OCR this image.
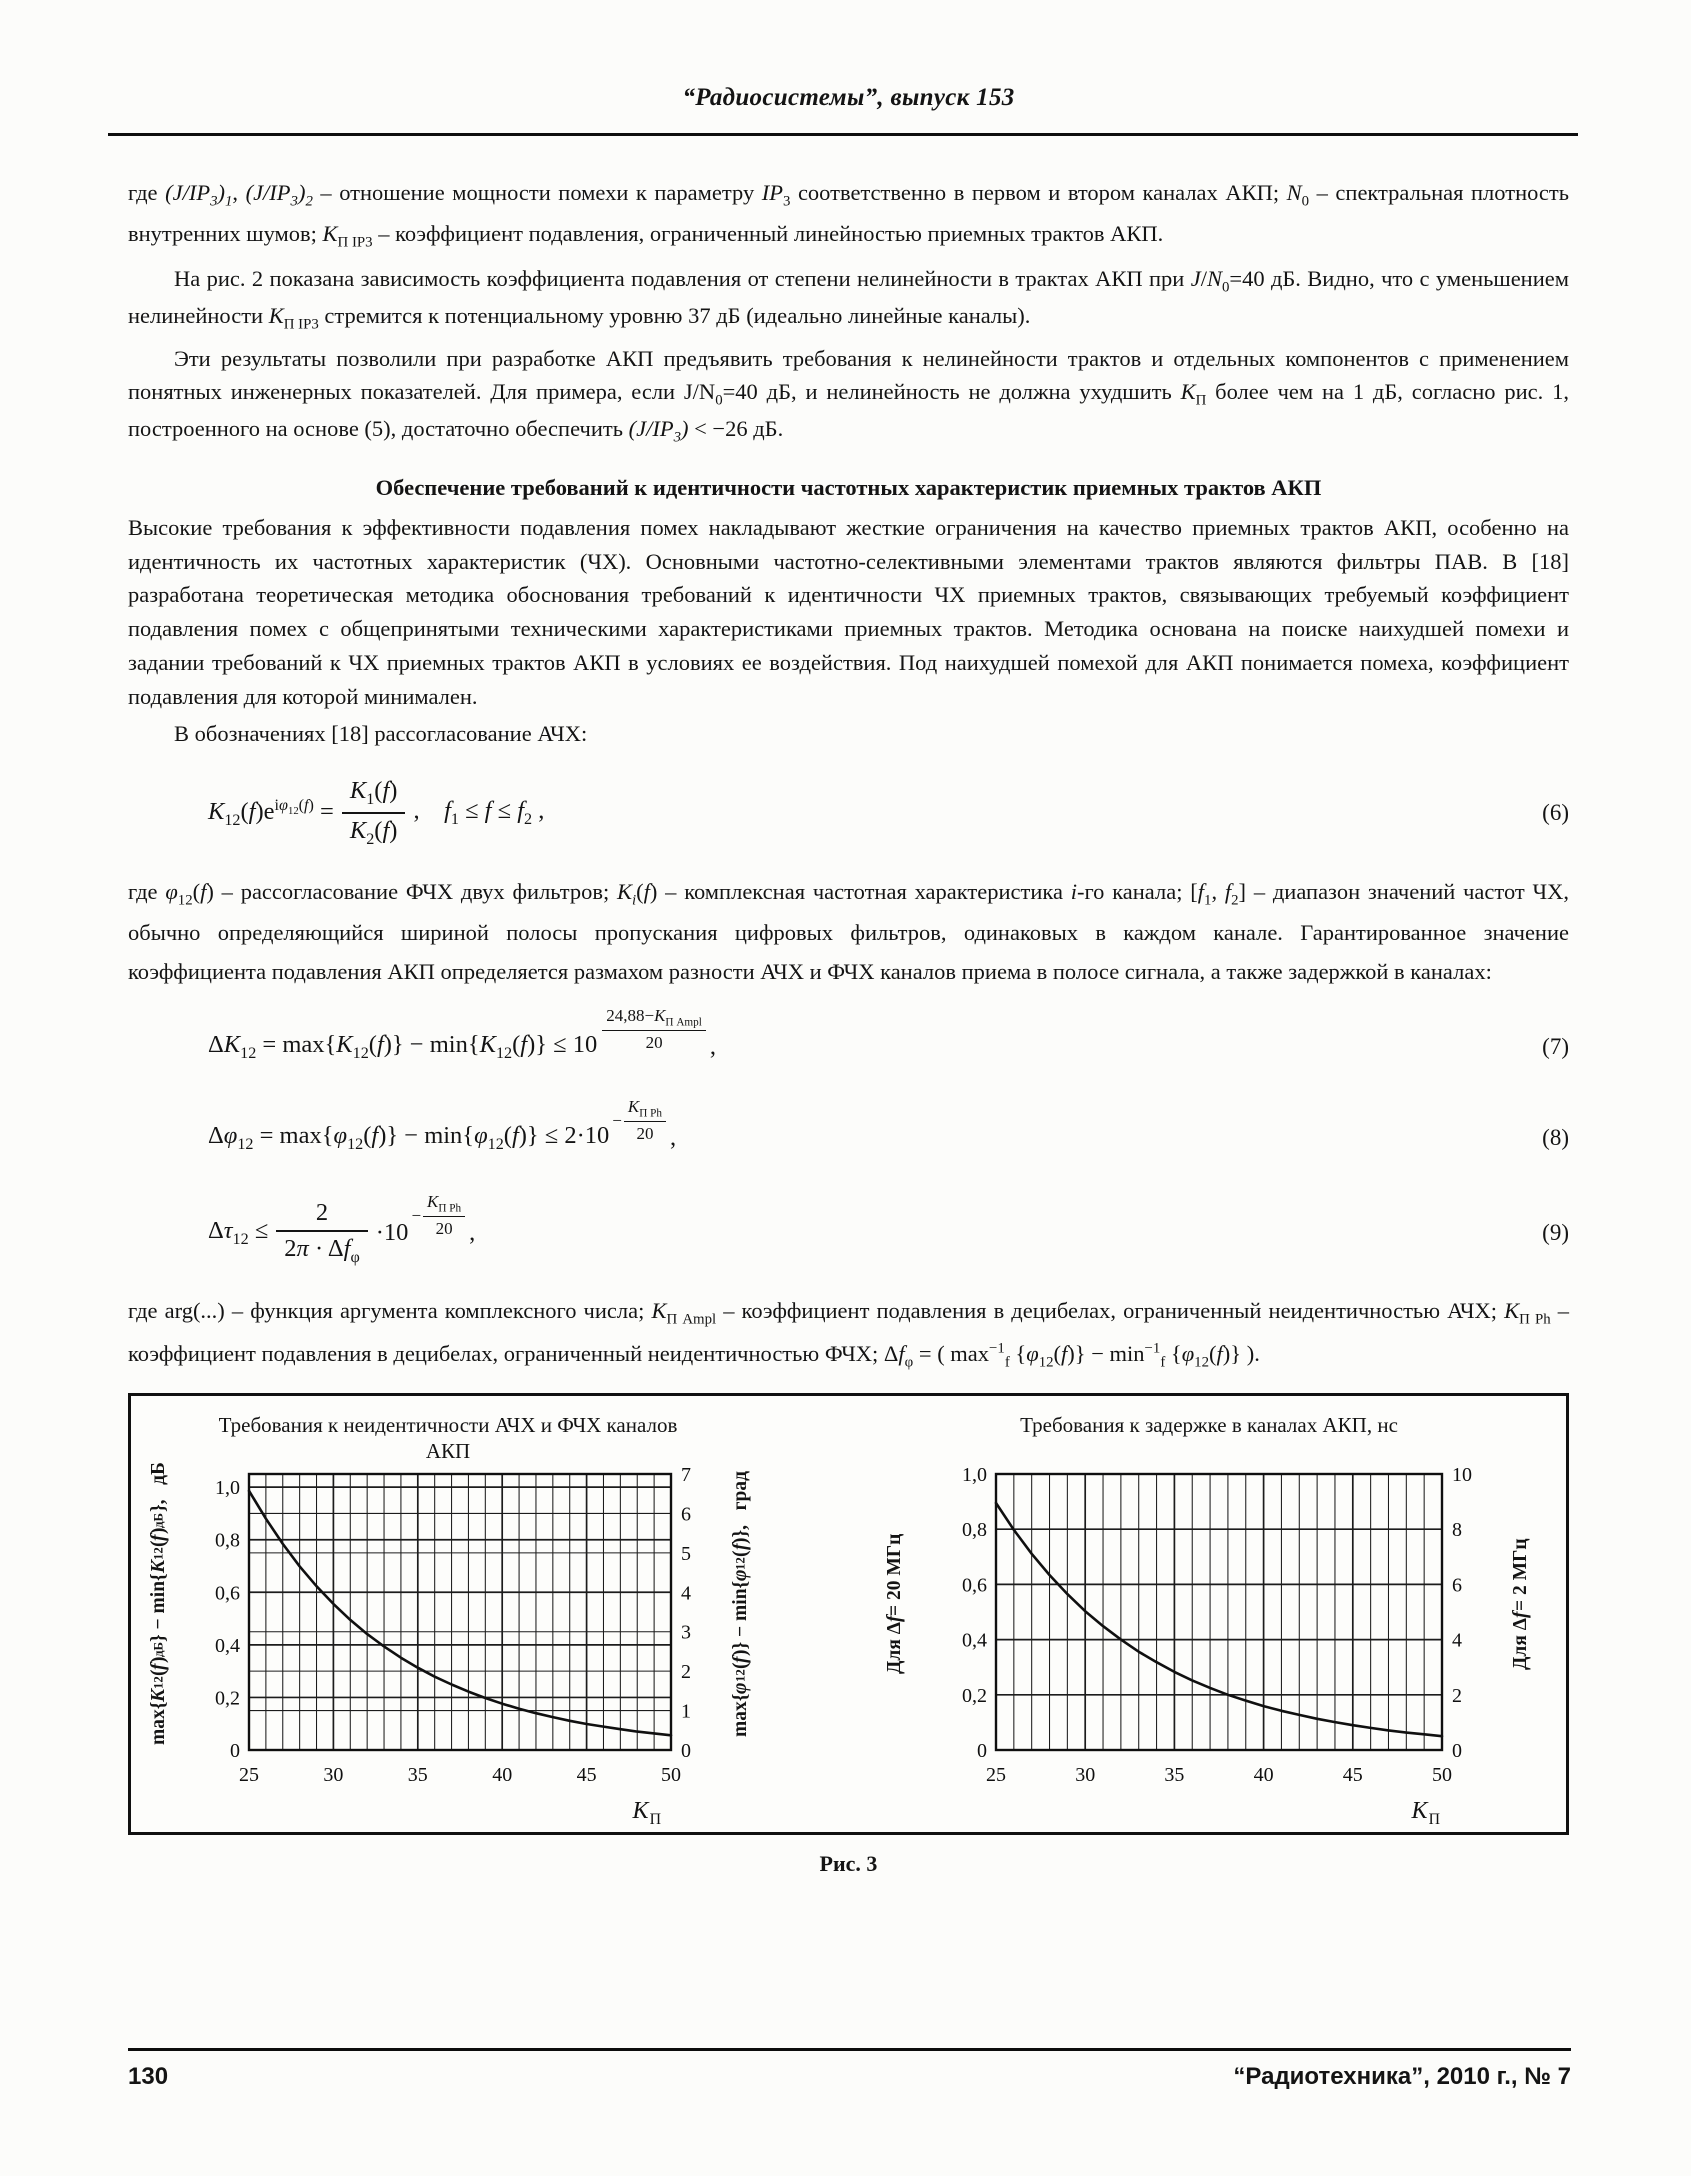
“Радиосистемы”, выпуск 153

где $(J/IP_3)_1$, $(J/IP_3)_2$ – отношение мощности помехи к параметру $IP_3$ соответственно в первом и втором каналах АКП; $N_0$ – спектральная плотность внутренних шумов; $K_{П IP3}$ – коэффициент подавления, ограниченный линейностью приемных трактов АКП.

На рис. 2 показана зависимость коэффициента подавления от степени нелинейности в трактах АКП при $J/N_0=40$ дБ. Видно, что с уменьшением нелинейности $K_{П IP3}$ стремится к потенциальному уровню 37 дБ (идеально линейные каналы).

Эти результаты позволили при разработке АКП предъявить требования к нелинейности трактов и отдельных компонентов с применением понятных инженерных показателей. Для примера, если $J/N_0=40$ дБ, и нелинейность не должна ухудшить $K_П$ более чем на 1 дБ, согласно рис. 1, построенного на основе (5), достаточно обеспечить $(J/IP_3) < -26$ дБ.

Обеспечение требований к идентичности частотных характеристик приемных трактов АКП

Высокие требования к эффективности подавления помех накладывают жесткие ограничения на качество приемных трактов АКП, особенно на идентичность их частотных характеристик (ЧХ). Основными частотно-селективными элементами трактов являются фильтры ПАВ. В [18] разработана теоретическая методика обоснования требований к идентичности ЧХ приемных трактов, связывающих требуемый коэффициент подавления помех с общепринятыми техническими характеристиками приемных трактов. Методика основана на поиске наихудшей помехи и задании требований к ЧХ приемных трактов АКП в условиях ее воздействия. Под наихудшей помехой для АКП понимается помеха, коэффициент подавления для которой минимален.

В обозначениях [18] рассогласование АЧХ:

$K_{12}(f)e^{i\varphi_{12}(f)} = \frac{K_1(f)}{K_2(f)}$ , $f_1 \le f \le f_2$ ,	(6)

где $\varphi_{12}(f)$ – рассогласование ФЧХ двух фильтров; $K_i(f)$ – комплексная частотная характеристика i-го канала; [$f_1$, $f_2$] – диапазон значений частот ЧХ, обычно определяющийся шириной полосы пропускания цифровых фильтров, одинаковых в каждом канале. Гарантированное значение коэффициента подавления АКП определяется размахом разности АЧХ и ФЧХ каналов приема в полосе сигнала, а также задержкой в каналах:

$\Delta K_{12} = \max\{K_{12}(f)\} - \min\{K_{12}(f)\} \le 10$
$24,88-K_{П Ampl}$
20	,	(7)
$\Delta\varphi_{12} = \max\{\varphi_{12}(f)\} - \min\{\varphi_{12}(f)\} \le 2\cdot 10$
−
$K_{П Ph}$
20 ,	(8)
$\Delta\tau_{12} \le \frac{2}{2\pi \cdot \Delta f_\varphi} \cdot 10$
−
$K_{П Ph}$
20 ,	(9)

где arg(...) – функция аргумента комплексного числа; $K_{П Ampl}$ – коэффициент подавления в децибелах, ограниченный неидентичностью АЧХ; $K_{П Ph}$ – коэффициент подавления в децибелах, ограниченный неидентичностью ФЧХ; $\Delta f_\varphi$ = ( $\max^{-1}_f \{\varphi_{12}(f)\} - \min^{-1}_f \{\varphi_{12}(f)\}$ ).

Требования к неидентичности АЧХ и ФЧХ каналов АКП
max{
K
12
(
f
)
дБ
} − min{
K
12
(
f
)
дБ
},  дБ
0
0,2
0,4
0,6
0,8
1,0
0
1
2
3
4
5
6
7
25	30	35	40	45	50
max{
φ
12
(
f
)} − min{
φ
12
(
f
)},  град
$K_П$
Требования к задержке в каналах АКП, нс
Для Δ
f
= 20 МГц
0
0,2
0,4
0,6
0,8
1,0
0
2
4
6
8
10
25	30	35	40	45	50
Для Δ
f
= 2 МГц
$K_П$
Рис. 3
130	“Радиотехника”, 2010 г., № 7
